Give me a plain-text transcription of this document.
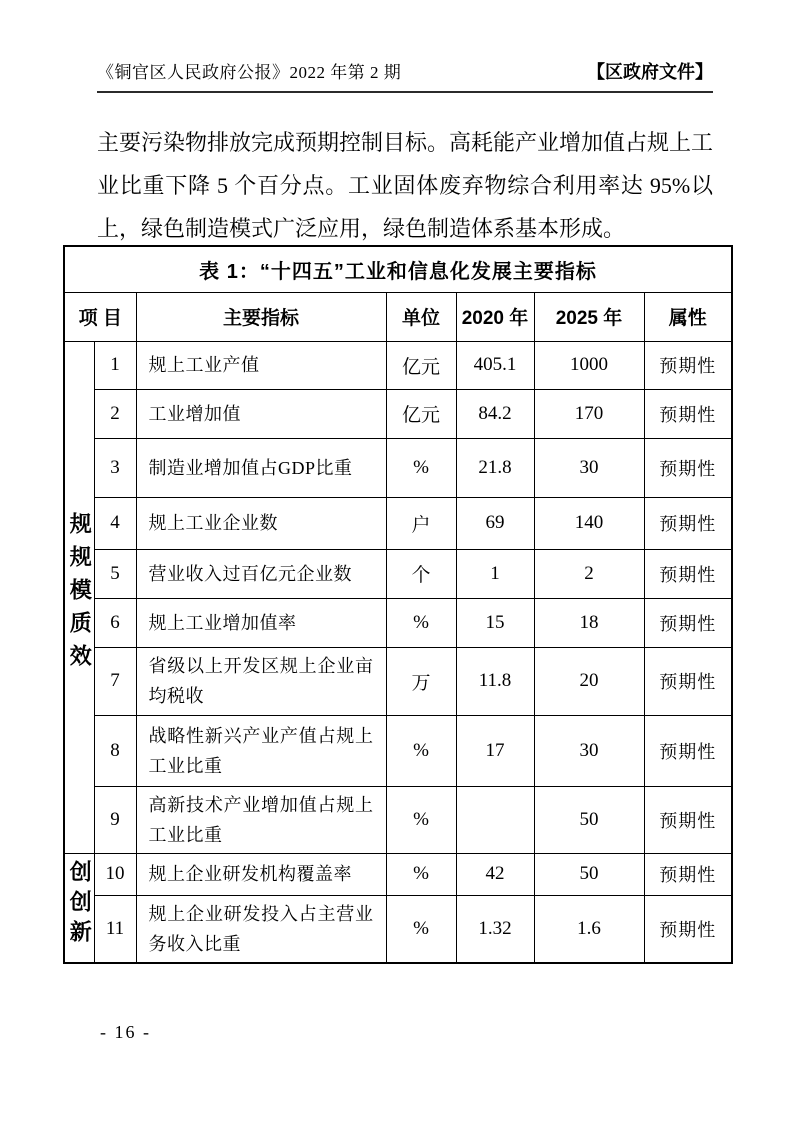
《铜官区人民政府公报》2022 年第 2 期	【区政府文件】

主要污染物排放完成预期控制目标。高耗能产业增加值占规上工业比重下降 5 个百分点。工业固体废弃物综合利用率达 95%以上，绿色制造模式广泛应用，绿色制造体系基本形成。

表 1：“十四五”工业和信息化发展主要指标						
项 目		主要指标	单位	2020 年	2025 年	属性
规规模质效	1	规上工业产值	亿元	405.1	1000	预期性
	2	工业增加值	亿元	84.2	170	预期性
	3	制造业增加值占GDP比重	%	21.8	30	预期性
	4	规上工业企业数	户	69	140	预期性
	5	营业收入过百亿元企业数	个	1	2	预期性
	6	规上工业增加值率	%	15	18	预期性
	7	省级以上开发区规上企业亩均税收	万	11.8	20	预期性
	8	战略性新兴产业产值占规上工业比重	%	17	30	预期性
	9	高新技术产业增加值占规上工业比重	%		50	预期性
创创新	10	规上企业研发机构覆盖率	%	42	50	预期性
	11	规上企业研发投入占主营业务收入比重	%	1.32	1.6	预期性
- 16 -
